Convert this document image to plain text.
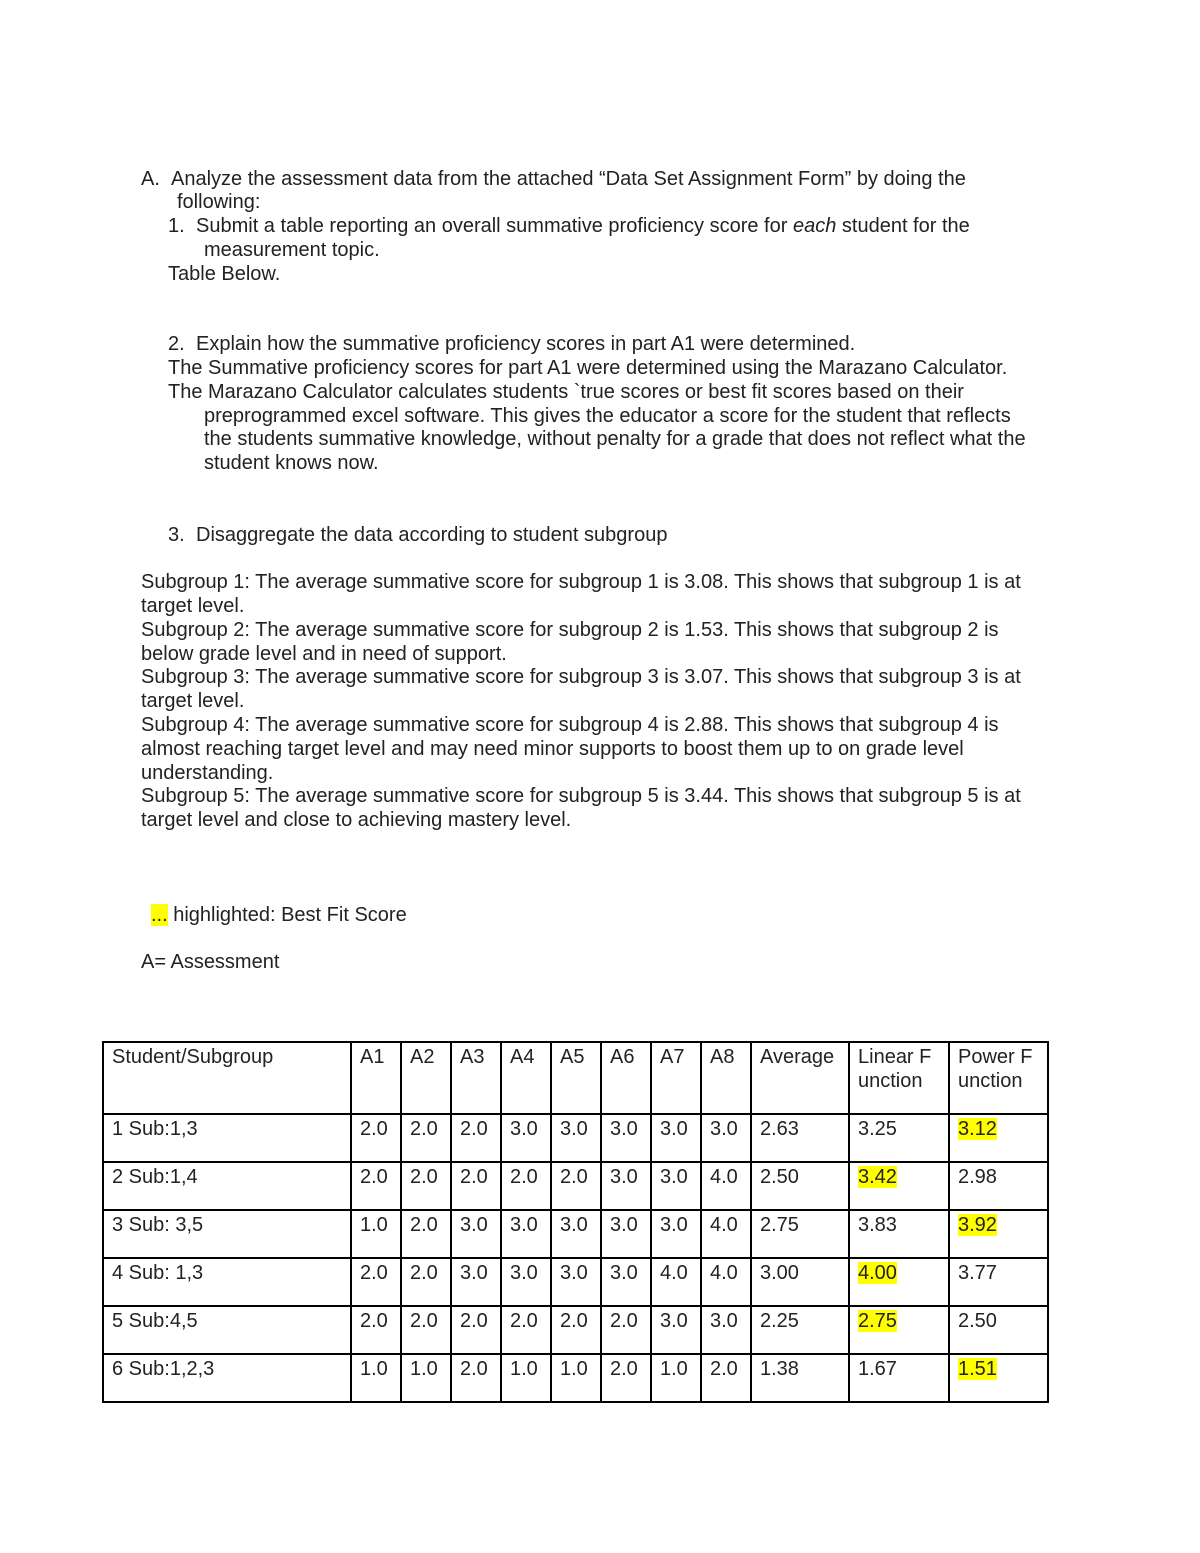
A. Analyze the assessment data from the attached “Data Set Assignment Form” by doing the
following:
1. Submit a table reporting an overall summative proficiency score for each student for the
measurement topic.
Table Below.
2. Explain how the summative proficiency scores in part A1 were determined.
The Summative proficiency scores for part A1 were determined using the Marazano Calculator.
The Marazano Calculator calculates students `true scores or best fit scores based on their
preprogrammed excel software. This gives the educator a score for the student that reflects
the students summative knowledge, without penalty for a grade that does not reflect what the
student knows now.
3. Disaggregate the data according to student subgroup
Subgroup 1: The average summative score for subgroup 1 is 3.08. This shows that subgroup 1 is at
target level.
Subgroup 2: The average summative score for subgroup 2 is 1.53. This shows that subgroup 2 is
below grade level and in need of support.
Subgroup 3: The average summative score for subgroup 3 is 3.07. This shows that subgroup 3 is at
target level.
Subgroup 4: The average summative score for subgroup 4 is 2.88. This shows that subgroup 4 is
almost reaching target level and may need minor supports to boost them up to on grade level
understanding.
Subgroup 5: The average summative score for subgroup 5 is 3.44. This shows that subgroup 5 is at
target level and close to achieving mastery level.
... highlighted: Best Fit Score
A= Assessment
Student/Subgroup	A1	A2	A3	A4	A5	A6	A7	A8	Average	Linear Function	Power Function
1 Sub:1,3	2.0	2.0	2.0	3.0	3.0	3.0	3.0	3.0	2.63	3.25	3.12
2 Sub:1,4	2.0	2.0	2.0	2.0	2.0	3.0	3.0	4.0	2.50	3.42	2.98
3 Sub: 3,5	1.0	2.0	3.0	3.0	3.0	3.0	3.0	4.0	2.75	3.83	3.92
4 Sub: 1,3	2.0	2.0	3.0	3.0	3.0	3.0	4.0	4.0	3.00	4.00	3.77
5 Sub:4,5	2.0	2.0	2.0	2.0	2.0	2.0	3.0	3.0	2.25	2.75	2.50
6 Sub:1,2,3	1.0	1.0	2.0	1.0	1.0	2.0	1.0	2.0	1.38	1.67	1.51
